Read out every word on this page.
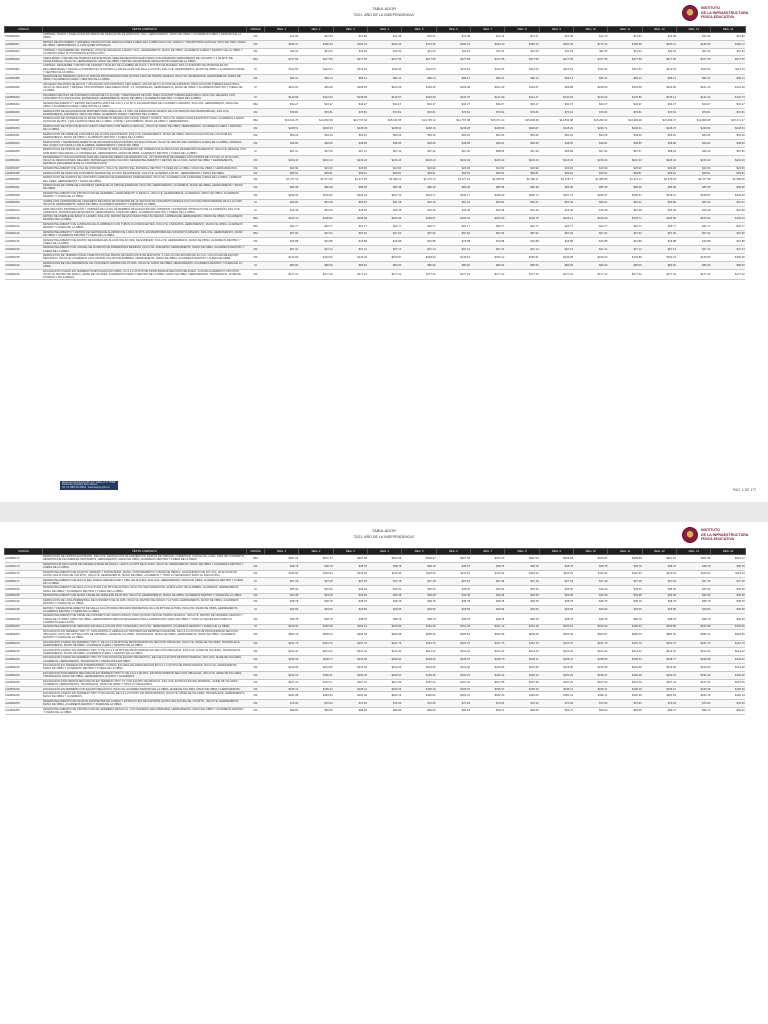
TABULADOR
"2021, AÑO DE LA INDEPENDENCIA"
INSTITUTO
DE LA INFRAESTRUCTURA
FÍSICA EDUCATIVA
CODIGO	TEXTO COMPLETO	UNIDAD	REG. 1	REG. 2	REG. 3	REG. 4	REG. 5	REG. 6	REG. 7	REG. 8	REG. 9	REG. 10	REG. 11	REG. 12	REG. 13	REG. 14
1110800026	LIMPIEZA, TRAZO Y NIVELACIÓN EN ÁREAS DE DESPLANTE DE EDIFICIOS, INCL. HERRAMIENTA, MANO DE OBRA Y ACARREOS FUERA Y DENTRO DE LA OBRA.	M2	$12.99	$12.99	$12.86	$12.99	$16.61	$13.38	$13.13	$13.67	$13.38	$14.70	$13.84	$12.99	$12.99	$13.86
1110800057	RETIRO DE ESCOMBRO Y MATERIAL PRODUCTO DE DEMOLICIONES FUERA DE LA OBRA INCLUYE: CARGA Y TRANSPORTE HASTA EL SITIO DE TIRO, MANO DE OBRA, HERRAMIENTA, A CUALQUIER DISTANCIA.	M3	$180.37	$180.23	$180.23	$182.93	$175.69	$180.23	$183.10	$185.70	$181.35	$175.13	$182.58	$186.11	$186.09	$182.72
1110800063	LIMPIEZA Y DESHIERBE DEL TERRENO, ATAQUE ORGÁNICO A MANO, INCL. HERRAMIENTA, MANO DE OBRA, ACARREOS FUERA Y DENTRO DE LA OBRA Y ACOMODO PARA SU POSTERIOR EXTRACCIÓN.	M2	$11.63	$11.63	$11.63	$12.00	$11.63	$11.63	$11.63	$11.63	$11.63	$11.63	$11.63	$11.63	$11.63	$11.63
1110800066	ASEGURADO Y RETIRO DE TRABAJO EXISTENTE EN ÁREA DE REGISTRO ELÉCTRICO CON DIÁMETRO APROXIMADO DE 1.00 MTS. Y 1.50 MTS. DE PROFUNDIDAD, INCLUYE: HERRAMIENTA, MANO DE OBRA Y RETIRO DE MATERIAL RESULTANTE FUERA DE LA OBRA.	PZA	$477.55	$477.55	$477.55	$477.55	$477.55	$477.55	$477.55	$477.55	$477.55	$477.55	$477.55	$477.55	$477.55	$477.55
1110800084	LIMPIEZA, DESHIERBE Y RETIRO DE CÉSPED Y BASURA DE ALAMBRE DE PÚAS Y POSTES DE MADERA, INCLUYE RETIRO DE MATERIALES NO RECUPERABLES Y DEJAR LA SUPERFICIE LISTA PARA LA INSTALACIÓN DE MALLA CICLÓN, INCLUYE: HERRAMIENTA, MANO DE OBRA Y ACARREOS FUERA Y DENTRO DE LA OBRA.	M	$112.54	$112.54	$112.54	$112.54	$112.54	$112.54	$112.54	$112.54	$112.54	$112.54	$112.54	$112.54	$112.54	$112.54
1110800086	DESPALME DE TERRENO HASTA 20 CMS DE PROFUNDIDAD PARA QUITAR CAPA DE TIERRA VEGETAL INCLUYE: DESENRAICE, HERRAMIENTA, MANO DE OBRA Y ACARREOS FUERA Y DENTRO DE LA OBRA.	M3	$96.14	$96.14	$96.14	$96.14	$96.14	$96.14	$96.14	$96.14	$96.14	$96.14	$96.14	$96.14	$96.14	$96.14
1110800092	ZANJEADO DE MURO DE BLOCK Y APLANADO CON MORTERO CEM-ARENA, ANCHO DE 5 A 10 CMS DE ESPESOR, PARA OCULTAR TUBERÍA ELÉCTRICA, INCLUYE: RELLENO Y RESANE CON MORTERO CEM-ARENA PROP. 1:4, MATERIALES, HERRAMIENTA, MANO DE OBRA Y ACARREOS DENTRO Y FUERA DE LA OBRA.	M	$103.24	$99.98	$108.25	$103.06	$106.36	$103.48	$101.93	$104.67	$99.88	$108.93	$103.38	$100.82	$101.25	$101.38
1110800093	ZANJEADO DE PISO DE CONCRETO ANCHO DE 5 A 10 CMS, Y REPOSICIÓN DE CMS. PARA OCULTAR TUBERÍA ELÉCTRICA, INCLUYE: RELLENO CON CONCRETO F'C=150 KG/CM2, MATERIALES, HERRAMIENTA, MANO DE OBRA Y ACARREOS DENTRO Y FUERA DE LA OBRA.	M	$140.99	$142.93	$138.99	$140.67	$146.93	$144.76	$141.99	$141.47	$140.93	$140.02	$143.80	$145.14	$141.24	$140.73
1110800094	DESMANTELAMIENTO Y RETIRO DE PUERTA HASTA DE 1.00 X 2.10 MTS, EN MAMPORRA DE CONCRETO ARMADO, INCLUYE: HERRAMIENTA, MANO DE OBRA Y ACARREOS FUERA Y DENTRO DE LA OBRA.	PZA	$34.27	$34.27	$34.27	$34.27	$34.27	$34.27	$34.27	$34.27	$34.27	$34.27	$34.27	$34.27	$34.27	$34.27
1110800095	DEMOLICIÓN DE APLANADOS DE MORTERO CEM-ARENA DE 1.5 CMS. DE ESPESOR EN MUROS DE CONTENCIÓN DE PIEDRA BRAZA, INCLUYE: HERRAMIENTA, ANDAMIOS, MANO DE OBRA, ACARREOS FUERA Y DENTRO DE LA OBRA.	M2	$70.81	$70.81	$70.81	$70.81	$70.81	$70.81	$70.81	$70.81	$70.81	$70.81	$70.81	$70.81	$70.81	$70.81
1110800097	DEMOLICIÓN DE CISTERNA DE 10 M3 DE CONCRETO ARMADO EN LOSAS, PISOS Y MUROS, INCLUYE: DEMOLICIÓN EN ESTRUCTURA, ACARREOS A MANO HASTA EN 20 MTS. Y EN CAMIÓN FUERA DE LA OBRA, CORTE Y ESCOMBROS, MANO DE OBRA Y HERRAMIENTA.	PZA	$14,810.75	$14,802.98	$14,797.40	$15,021.55	$14,735.13	$14,797.98	$15,071.43	$15,098.48	$14,836.98	$15,208.33	$14,999.48	$15,069.37	$14,808.28	$15,171.17
1110800050	DEMOLICIÓN DE MURO DE BLOCK HUECO ASENTADO CON MEZCLA CEM-CAL, INCLUYE: MANO DE OBRA, HERRAMIENTA, ACARREOS FUERA Y DENTRO DE LA OBRA.	M2	$248.51	$248.33	$248.39	$248.64	$248.19	$248.28	$248.69	$248.67	$248.46	$248.71	$248.31	$248.37	$248.89	$248.63
1110800051	DEMOLICIÓN DE FIRME DE CONCRETO DE 10 CMS DE ESPESOR, INCLUYE: HERRAMIENTA, MANO DE OBRA, DESCOLOCACIÓN DE LOS NIVELES, HERRAMIENTA, MANO DE OBRA Y ACARREOS DENTRO Y FUERA DE LA OBRA.	M2	$54.26	$54.26	$54.26	$54.26	$54.26	$54.26	$54.26	$54.26	$54.26	$54.26	$54.26	$54.26	$54.26	$54.26
1110800054	DEMOLICIÓN Y DESMANTELAMIENTO DE APLANADOS EN PLAFONES, EN MALOSTALES. INCLUYE: RETIRO DEL MATERIAL FUERA DE LA OBRA, LIMPIEZA DEL GUIDO CON CEPILLO DE ALAMBRE, HERRAMIENTA Y MANO DE OBRA.	M2	$48.85	$48.85	$48.85	$48.95	$48.83	$48.85	$48.91	$48.95	$48.95	$48.81	$48.85	$48.80	$49.02	$48.93
1110800055	DEMOLICIÓN DE MUROS DE TABIQUE O CONCRETO PARA ALOJAMIENTO DE TUBERÍAS ELÉCTRICAS EN DIFERENTES DIÁMETROS, INCLUYE: RESANE CON MORTERO CEM-ARENA 1:4, MATERIALES, HERRAMIENTA, MANO DE OBRA, ACARREOS DENTRO Y FUERA DE LA OBRA.	M	$67.21	$67.08	$67.21	$67.32	$67.32	$67.30	$68.25	$67.49	$66.89	$67.06	$67.57	$68.03	$68.12	$67.60
1110800060	DESARMADO Y COLOCACIÓN DE TAPA DE LÁMINA DE CERDA GALVANIZADA CAL. 20 Y BASTIDOR DE MADERA CON POSTES DE 4"x4"x10. M. ID 40 CMS., INCLUYE: REFACCIONES, RELLENO, MATERIALES PARA FIJACIÓN, DESMANTELAMIENTO Y RETIRO DE LA TAPA, MANO DE OBRA Y HERRAMIENTA, MATERIAL PROCEDENTE DE LA CONSTRUCCIÓN.	M2	$216.43	$216.43	$216.43	$216.43	$216.43	$216.43	$216.43	$216.43	$216.43	$216.43	$216.43	$216.43	$216.43	$216.43
1110800087	DESMANTELAMIENTO DE LOSA DE CONCRETO, INCLUYE: RETIRO DEL MATERIAL DENTRO Y FUERA DE LA OBRA, MANO DE OBRA Y HERRAMIENTAS.	M2	$23.90	$23.90	$23.90	$23.90	$23.90	$23.90	$23.90	$23.90	$23.90	$23.90	$23.90	$23.90	$23.90	$23.90
1110800089	DEMOLICIÓN DE MURO DE CONCRETO ARMADO DE 10 CMS. DE ESPESOR, INCLUYE: ACARREO A 20 MT., HERRAMIENTA Y MANO DE OBRA.	M2	$59.81	$59.81	$59.81	$59.81	$59.81	$59.81	$59.81	$59.81	$59.81	$59.81	$59.81	$59.81	$59.81	$59.81
1110800090	DEMOLICIÓN DE ZAPATAS DE CONCRETO ARMADO DE DIFERENTES DIMENSIONES, INCLUYE: ACARREO CON CAMIONES FUERA DE LA OBRA, LIMPIEZA DEL ÁREA, HERRAMIENTA Y MANO DE OBRA.	M3	$1,377.19	$1,377.06	$1,377.45	$1,380.12	$1,374.73	$1,377.19	$1,380.03	$1,380.37	$1,378.77	$1,380.66	$1,376.14	$1,379.63	$1,377.58	$1,380.09
1110800091	DEMOLICIÓN DE FIRME DE CONCRETO SIMPLE DE 10 CMS DE ESPESOR, INCLUYE: HERRAMIENTA, ACARREOS, MANO DE OBRA, HERRAMIENTA Y MANO DE OBRA.	M2	$86.38	$86.38	$86.38	$86.38	$86.38	$86.38	$86.38	$86.38	$86.38	$86.38	$86.38	$86.38	$86.38	$86.38
1110800098	DESMANTELAMIENTO DE PROTECCIÓN DE HERRERÍA, CERRAMIENTO O REJILLA, INCLUYE: HERRAMIENTA, ACARREOS, MANO DE OBRA, ACARREOS DENTRO Y FUERA DE LA OBRA.	M2	$236.69	$236.93	$235.24	$237.63	$234.77	$236.71	$236.69	$236.74	$237.73	$236.97	$236.51	$236.91	$236.87	$236.93
1110800099	CORTE CON CORTADORA DE CONCRETO DE DISCO DE DIAMANTE DE 14" EN PISO DE CONCRETO HIDRÁULICO CON UNA PROFUNDIDAD DE 8 A 12 CMS INCLUYE: HERRAMIENTA, MANO DE OBRA, ACARREOS DENTRO Y FUERA DE LA OBRA.	M	$50.84	$51.38	$50.87	$51.28	$51.13	$51.31	$50.81	$50.37	$51.36	$50.21	$51.31	$50.89	$51.52	$51.01
1110800100	EXPLORACIÓN, PROSPECCIÓN Y LIMPIEZA DE CAJAS DE BOMBEO DE ELEVACIÓN DEL INTERIOR Y EXTERIOR, PRODUCTO DE LA COMISIÓN, INCLUYE: ANDAMIOS, MATERIALES NECESARIOS, HERRAMIENTA, MANO DE OBRA, ACARREOS DENTRO Y FUERA DE LA OBRA.	M	$15.48	$15.48	$15.48	$15.48	$15.48	$15.48	$15.48	$15.48	$15.48	$15.48	$15.48	$15.48	$15.48	$15.48
1110800126	RETIRO DE MUEBLE DE BAÑO O LAVABO, INCLUYE: RETIRO DE ESCUSADO PARA SU REUSO, LIMPIEZA DE HERRAMIENTA, MANO DE OBRA Y ACARREOS DENTRO DE LA OBRA.	PZA	$106.10	$105.82	$105.89	$105.45	$105.67	$106.32	$106.02	$105.78	$106.21	$106.49	$105.71	$105.55	$105.93	$106.03
1110800130	DESMANTELAMIENTO DE LUMINARIA DE ALUMBRADO CON TUBOS FLUORESCENTES, INCLUYE: ANDAMIOS, HERRAMIENTA, MANO DE OBRA, ACARREOS DENTRO Y FUERA DE LA OBRA.	PZA	$22.77	$22.77	$22.77	$22.77	$22.77	$22.77	$22.77	$22.77	$22.77	$22.77	$22.77	$22.77	$22.77	$22.77
1110800140	DESMANTELAMIENTO Y RETIRO DE VENTANA DE ALUMINIO DE 1.00X1.00 MTS. EN MAMPORRA DE CONCRETO ARMADO, INCLUYE: HERRAMIENTA, MANO DE OBRA Y ACARREOS DENTRO Y FUERA DE LA OBRA.	PZA	$67.92	$67.92	$67.92	$67.92	$67.92	$67.92	$67.92	$67.92	$67.92	$67.92	$67.92	$67.92	$67.92	$67.92
1110800145	DESMANTELAMIENTO DE MUROS DE MADERA EN PLAFÓN DE 30 CMS. DE ESPESOR, INCLUYE: HERRAMIENTA, MANO DE OBRA, ACARREOS DENTRO Y FUERA DE LA OBRA.	M2	$16.88	$16.88	$16.88	$16.88	$16.88	$16.88	$16.88	$16.88	$16.88	$16.88	$16.88	$16.88	$16.88	$16.88
1110800150	DESMANTELAMIENTO DE CANCEL DE ALUMINIO DE DIFERENTES MEDIDAS, INCLUYE: ANDAMIOS, HERRAMIENTA, MANO DE OBRA, ACARREOS DENTRO Y FUERA DE LA OBRA.	M2	$27.14	$27.14	$27.14	$27.14	$27.14	$27.14	$27.14	$27.14	$27.14	$27.14	$27.14	$27.14	$27.14	$27.14
1110800155	DEMOLICIÓN DE TERRENO PARA CIMENTACIÓN DE PIEZAS DE DESPLANTE DE EDIFICIOS, A UNA ALTURA MÁXIMA DE 30 Cms. CON AYUDA DE EQUIPO MECÁNICO, INCLUYE: ACARREOS CON CAMIÓN VOLTEO DE BOMBEO, HERRAMIENTA, MANO DE OBRA, ACARREOS DENTRO Y FUERA DE OBRA.	M3	$149.63	$149.52	$149.46	$150.87	$148.94	$149.63	$150.12	$150.51	$149.28	$150.63	$149.88	$150.23	$149.59	$150.45
1110800160	DEMOLICIÓN DE OSA PERIMETRAL DE CONCRETO ARMADO DE 15 CMS. INCLUYE: MANO DE OBRA, HERRAMIENTA, ACARREOS DENTRO Y FUERA DE LA OBRA.	M	$80.60	$80.60	$80.60	$80.60	$80.60	$80.60	$80.60	$80.60	$80.60	$80.60	$80.60	$80.60	$80.60	$80.60
1110800165	EXCAVACIÓN A MANO EN TERRENO INVESTIGADO EN OBRA, A 0.5 A 2.00 MTS DE PROFUNDIDAD SECCIÓN OBLIGADA, CON AFLOJAMIENTO TIPO PICO, INCLUYE: RETIRO DE SUELO, AFINE DE TALUDES, ACARREOS FUERA Y DENTRO DE LA OBRA, MANO DE OBRA, HERRAMIENTA, TRASPALEOS, AFINE DE FONDOS Y APLICABLES.	M3	$177.22	$177.22	$177.22	$177.22	$177.22	$177.22	$177.22	$177.22	$177.22	$177.22	$177.22	$177.22	$177.22	$177.22
Boulevard del Pueblo 639, Col. Juárez C.P. 77098
Chetumal, Quintana Roo, México
Tel. 01 (983) 83 35002 · www.ifeqroo.gob.mx
PAG. 1 DE 177
TABULADOR
"2021, AÑO DE LA INDEPENDENCIA"
INSTITUTO
DE LA INFRAESTRUCTURA
FÍSICA EDUCATIVA
CODIGO	TEXTO COMPLETO	UNIDAD	REG. 1	REG. 2	REG. 3	REG. 4	REG. 5	REG. 6	REG. 7	REG. 8	REG. 9	REG. 10	REG. 11	REG. 12	REG. 13	REG. 14
1110800171	DEMOLICIÓN DE LETRINA EXISTENTE, INCLUYE: DEMOLICIÓN DE ELEMENTOS, MUROS DE TABIQUE, CUBIERTAS, CASTILLOS, LOSA, PISO DE CONCRETO, DESMONTAJE DE MUEBLES SANITARIOS, HERRAMIENTA, MANO DE OBRA, ACARREOS DENTRO Y FUERA DE LA OBRA.	PZA	$907.63	$907.74	$907.69	$910.39	$906.97	$907.69	$910.73	$910.54	$909.69	$910.81	$908.86	$907.81	$911.86	$910.17
1110800173	DESMONTAJE DE PLAFÓN DE MADERA A BASE DE DUELA, HASTA 3.0 MTS DE ALTURA, INCLUYE: HERRAMIENTA, MANO DE OBRA Y ACARREOS DENTRO Y FUERA DE LA OBRA.	M2	$38.78	$38.78	$38.78	$38.78	$38.78	$38.78	$38.78	$38.78	$38.78	$38.78	$38.78	$38.78	$38.78	$38.78
1110800176	DESMANTELAMIENTO DE PLAFÓN, MADERA Y SOPORTERÍA, MANO, CONFINAMIENTO, A BASE DE PERFIL, GALVANIZADO DE 3/4" CAL. 26 EN PLAFÓN HASTA UNA ALTURA DE 4.00 MTS., INCLUYE: HERRAMIENTA, MANO DE OBRA, ACARREOS Y TODO LO NECESARIO PARA SU EJECUCIÓN.	M2	$110.94	$110.94	$110.94	$110.94	$110.94	$110.94	$110.94	$110.94	$110.94	$110.94	$110.94	$110.94	$110.94	$110.94
1110800177	DESMANTELAMIENTO DE ZOCLO DE LOSETA CERÁMICA DE 7 CMS. DE ALTURA, INCLUYE: HERRAMIENTA, MANO DE OBRA, ACARREOS DENTRO Y FUERA DE LA OBRA.	M	$27.18	$27.18	$27.18	$27.18	$27.18	$27.18	$27.18	$27.18	$27.18	$27.18	$27.18	$27.18	$27.18	$27.18
1110800180	DESMANTELAMIENTO DE MALLA CICLÓN DE 2.00 MTS DE ALTURA, INCLUYE: RECUPERACIÓN, ENROLLADO DE ALAMBRE, ACARREOS, HERRAMIENTA, MANO DE OBRA Y ACARREOS DENTRO Y FUERA DE LA OBRA.	M	$45.30	$45.30	$45.30	$45.30	$45.30	$45.30	$45.30	$45.30	$45.30	$45.30	$45.30	$45.30	$45.30	$45.30
1110800185	DESMANTELAMIENTO DE MURO A BASE DE TEPALETE DE 80 MM. INCLUYE: HERRAMIENTA, MANO DE OBRA, ACARREOS DENTRO Y FUERA DE LA OBRA.	M2	$33.48	$33.48	$33.48	$33.48	$33.48	$33.48	$33.48	$33.48	$33.48	$33.48	$33.48	$33.48	$33.48	$33.48
1110800190	DEMOLICIÓN DE LOSA PERIMETRAL DE CONCRETO DE 40 CMS. INCLUYE: RETIRO DE ANCHO Y ALTURA, HERRAMIENTA, MANO DE OBRA, ACARREOS DENTRO Y FUERA DE LA OBRA.	M2	$38.78	$38.78	$38.78	$38.78	$38.78	$38.78	$38.78	$38.78	$38.78	$38.78	$38.78	$38.78	$38.78	$38.78
1110800195	RETIRO Y DESMANTELAMIENTO DE MALLA CICLÓN PARA ORICADO PERIMETRAL DE 2.00 MTS DE ALTURA, INCLUYE: MANO DE OBRA, HERRAMIENTA, ACARREOS DENTRO Y FUERA DE LA OBRA.	M	$29.56	$29.56	$29.56	$29.56	$29.56	$29.56	$29.56	$29.56	$29.56	$29.56	$29.56	$29.56	$29.56	$29.56
1110800198	DESMANTELAMIENTO DE FIRME DE CONCRETO EN VARIAS ZONAS, PARA QUITAR CAPA DE TIERRA VEGETAL, INCLUYE: RETIRO DE MATERIAL DENTRO Y FUERA DE LA OBRA, MANO DE OBRA, HERRAMIENTA MENOR NECESARIA PARA LA REMOCIÓN, MANO DE OBRA Y TODO LO NECESARIO PARA SU CORRECTA EJECUCIÓN.	M3	$38.78	$38.78	$38.78	$38.78	$38.78	$38.78	$38.78	$38.78	$38.78	$38.78	$38.78	$38.78	$38.78	$38.78
1110800200	DESMANTELAMIENTO DE CERCADO EN MALLA CICLÓN TIPO CATENARIA, INCLUYE: HERRAMIENTA, ACARREOS DENTRO Y FUERA DE LA OBRA.	M	$150.33	$150.96	$150.13	$150.86	$151.26	$151.28	$151.13	$151.18	$151.15	$150.93	$150.54	$150.86	$150.98	$150.56
1110800205	EXCAVACIÓN EN TERRENO TIPO "C" CON MARTILLO HIDRÁULICO MONTADO EN RETROEXCAVADORA, DE 0.0 A 2.00 MTS DE PROFUNDIDAD SECCIÓN OBLIGADA, INCLUYE: EXTRACCIÓN DE MATERIAL, AFINE DE TALUDES, TRASPALEOS, MANO DE OBRA, HERRAMIENTA, MANO DE OBRA, ACARREOS DENTRO Y FUERA DE LA OBRA.	M3	$694.16	$695.03	$694.83	$694.98	$695.36	$694.81	$694.96	$695.08	$695.09	$694.87	$695.03	$694.92	$695.14	$694.89
1110800210	EXCAVACIÓN A MANO EN TERRENO TIPO "I" DE 0.0 A 2.00 MTS DE PROFUNDIDAD EN SECCIÓN OBLIGADA, INCLUYE: AFINE DE TALUDES, TRASPALEOS, HERRAMIENTA, MANO DE OBRA, ACARREOS FUERA Y DENTRO DE LA OBRA.	M3	$161.76	$161.76	$161.76	$161.76	$161.76	$161.76	$161.76	$161.76	$161.76	$161.76	$161.76	$161.76	$161.76	$161.76
1110800215	EXCAVACIÓN A MANO EN TERRENO TIPO "II" DE 0.0 A 2.00 MTS DE PROFUNDIDAD EN SECCIÓN OBLIGADA, INCLUYE: AFINE DE TALUDES, TRASPALEOS, HERRAMIENTA, MANO DE OBRA, ACARREOS FUERA Y DENTRO DE LA OBRA.	M3	$214.42	$214.42	$214.42	$214.42	$214.42	$214.42	$214.42	$214.42	$214.42	$214.42	$214.42	$214.42	$214.42	$214.42
1110800220	EXCAVACIÓN A MANO EN TERRENO TIPO "III" CON AYUDA DE EQUIPO NEUMÁTICO, DE 0.00 A 2.00 MTS DE PROFUNDIDAD, INCLUYE: AFINE DE TALUDES, ACARREOS, HERRAMIENTA, TRASPALEOS Y DESPLANTE EN OBRA.	M3	$236.69	$238.77	$236.90	$239.94	$238.62	$238.78	$238.79	$239.11	$238.41	$238.80	$238.43	$238.77	$238.98	$238.61
1110800225	EXCAVACIÓN EN TERRENO DE INTEMPERISMO, A MANO, EN ÁREA DE PREPARACIÓN EN 0.0 A 2.00 MTS DE PROFUNDIDAD, INCLUYE: HERRAMIENTA, MANO DE OBRA Y ACARREOS DENTRO Y FUERA DE LA OBRA.	M3	$219.96	$219.96	$219.96	$219.96	$219.96	$219.96	$219.96	$219.96	$219.96	$219.96	$219.96	$219.96	$219.96	$219.96
1110800230	EXCAVACIÓN POR MEDIOS MECÁNICOS EN TERRENO TIPO "II" DE 0.0 A 2.00 MTS. DE PROFUNDIDAD SECCIÓN OBLIGADA, INCLUYE: AFINE DE TALUDES, TRASPALEOS, MANO DE OBRA, HERRAMIENTA, EQUIPO Y ACARREOS.	M3	$190.23	$190.31	$190.25	$190.51	$190.36	$190.33	$190.42	$190.44	$190.29	$190.47	$190.28	$190.34	$190.49	$190.38
1110800235	EXCAVACIÓN POR MEDIOS MECÁNICOS EN TERRENO TIPO "III" CON EQUIPO NEUMÁTICO, INCLUYE: EXTRACCIÓN DE MATERIAL, AFINE DE TALUDES, ACARREOS, HERRAMIENTA, TRASPALEOS, MANO DE OBRA Y TODO LO NECESARIO.	M3	$167.10	$167.47	$167.22	$167.69	$167.31	$167.40	$167.58	$167.38	$167.29	$167.52	$167.19	$167.44	$167.63	$167.35
1110800240	EXCAVACIÓN EN TERRENO CON EQUIPO MECÁNICO, INCLUYE: ACARREO DENTRO DE LA OBRA, AFINE DE TALUDES, MANO DE OBRA Y HERRAMIENTA.	M3	$195.10	$195.22	$195.14	$195.46	$195.29	$195.18	$195.37	$195.33	$195.11	$195.41	$195.26	$195.19	$195.48	$195.30
1110800245	EXCAVACIÓN A MANO EN TERRENO TIPO "II" EN ZANJA, DE 0.0 A 2.00 MTS. DE PROFUNDIDAD, INCLUYE: AFINE DE TALUDES, TRASPALEOS, HERRAMIENTA, MANO DE OBRA Y ACARREOS.	M3	$181.88	$181.94	$181.90	$182.13	$182.02	$181.97	$182.09	$182.06	$181.91	$182.11	$181.99	$181.93	$182.15	$182.04
1110800250	DESMANTELAMIENTO DE TECHOS EXISTENTES DE LÁMINA Y ESTRUCTURA DE SOPORTE HASTA UNA ALTURA DE 4.00 MTS., INCLUYE: HERRAMIENTA, MANO DE OBRA, ACARREOS DENTRO Y FUERA DE LA OBRA.	M2	$70.93	$70.93	$70.93	$70.93	$70.93	$70.93	$70.93	$70.93	$70.93	$70.93	$70.93	$70.93	$70.93	$70.93
1110800255	DESMANTELAMIENTO DE PROTECCIÓN DE HERRERÍA METÁLICA, CON MATERIAL RECUPERABLE, HERRAMIENTA, MANO DE OBRA Y ACARREOS DENTRO Y FUERA DE LA OBRA.	M2	$99.84	$99.56	$99.48	$99.86	$99.52	$99.53	$99.71	$99.65	$99.47	$99.60	$99.58	$99.67	$99.74	$99.61
